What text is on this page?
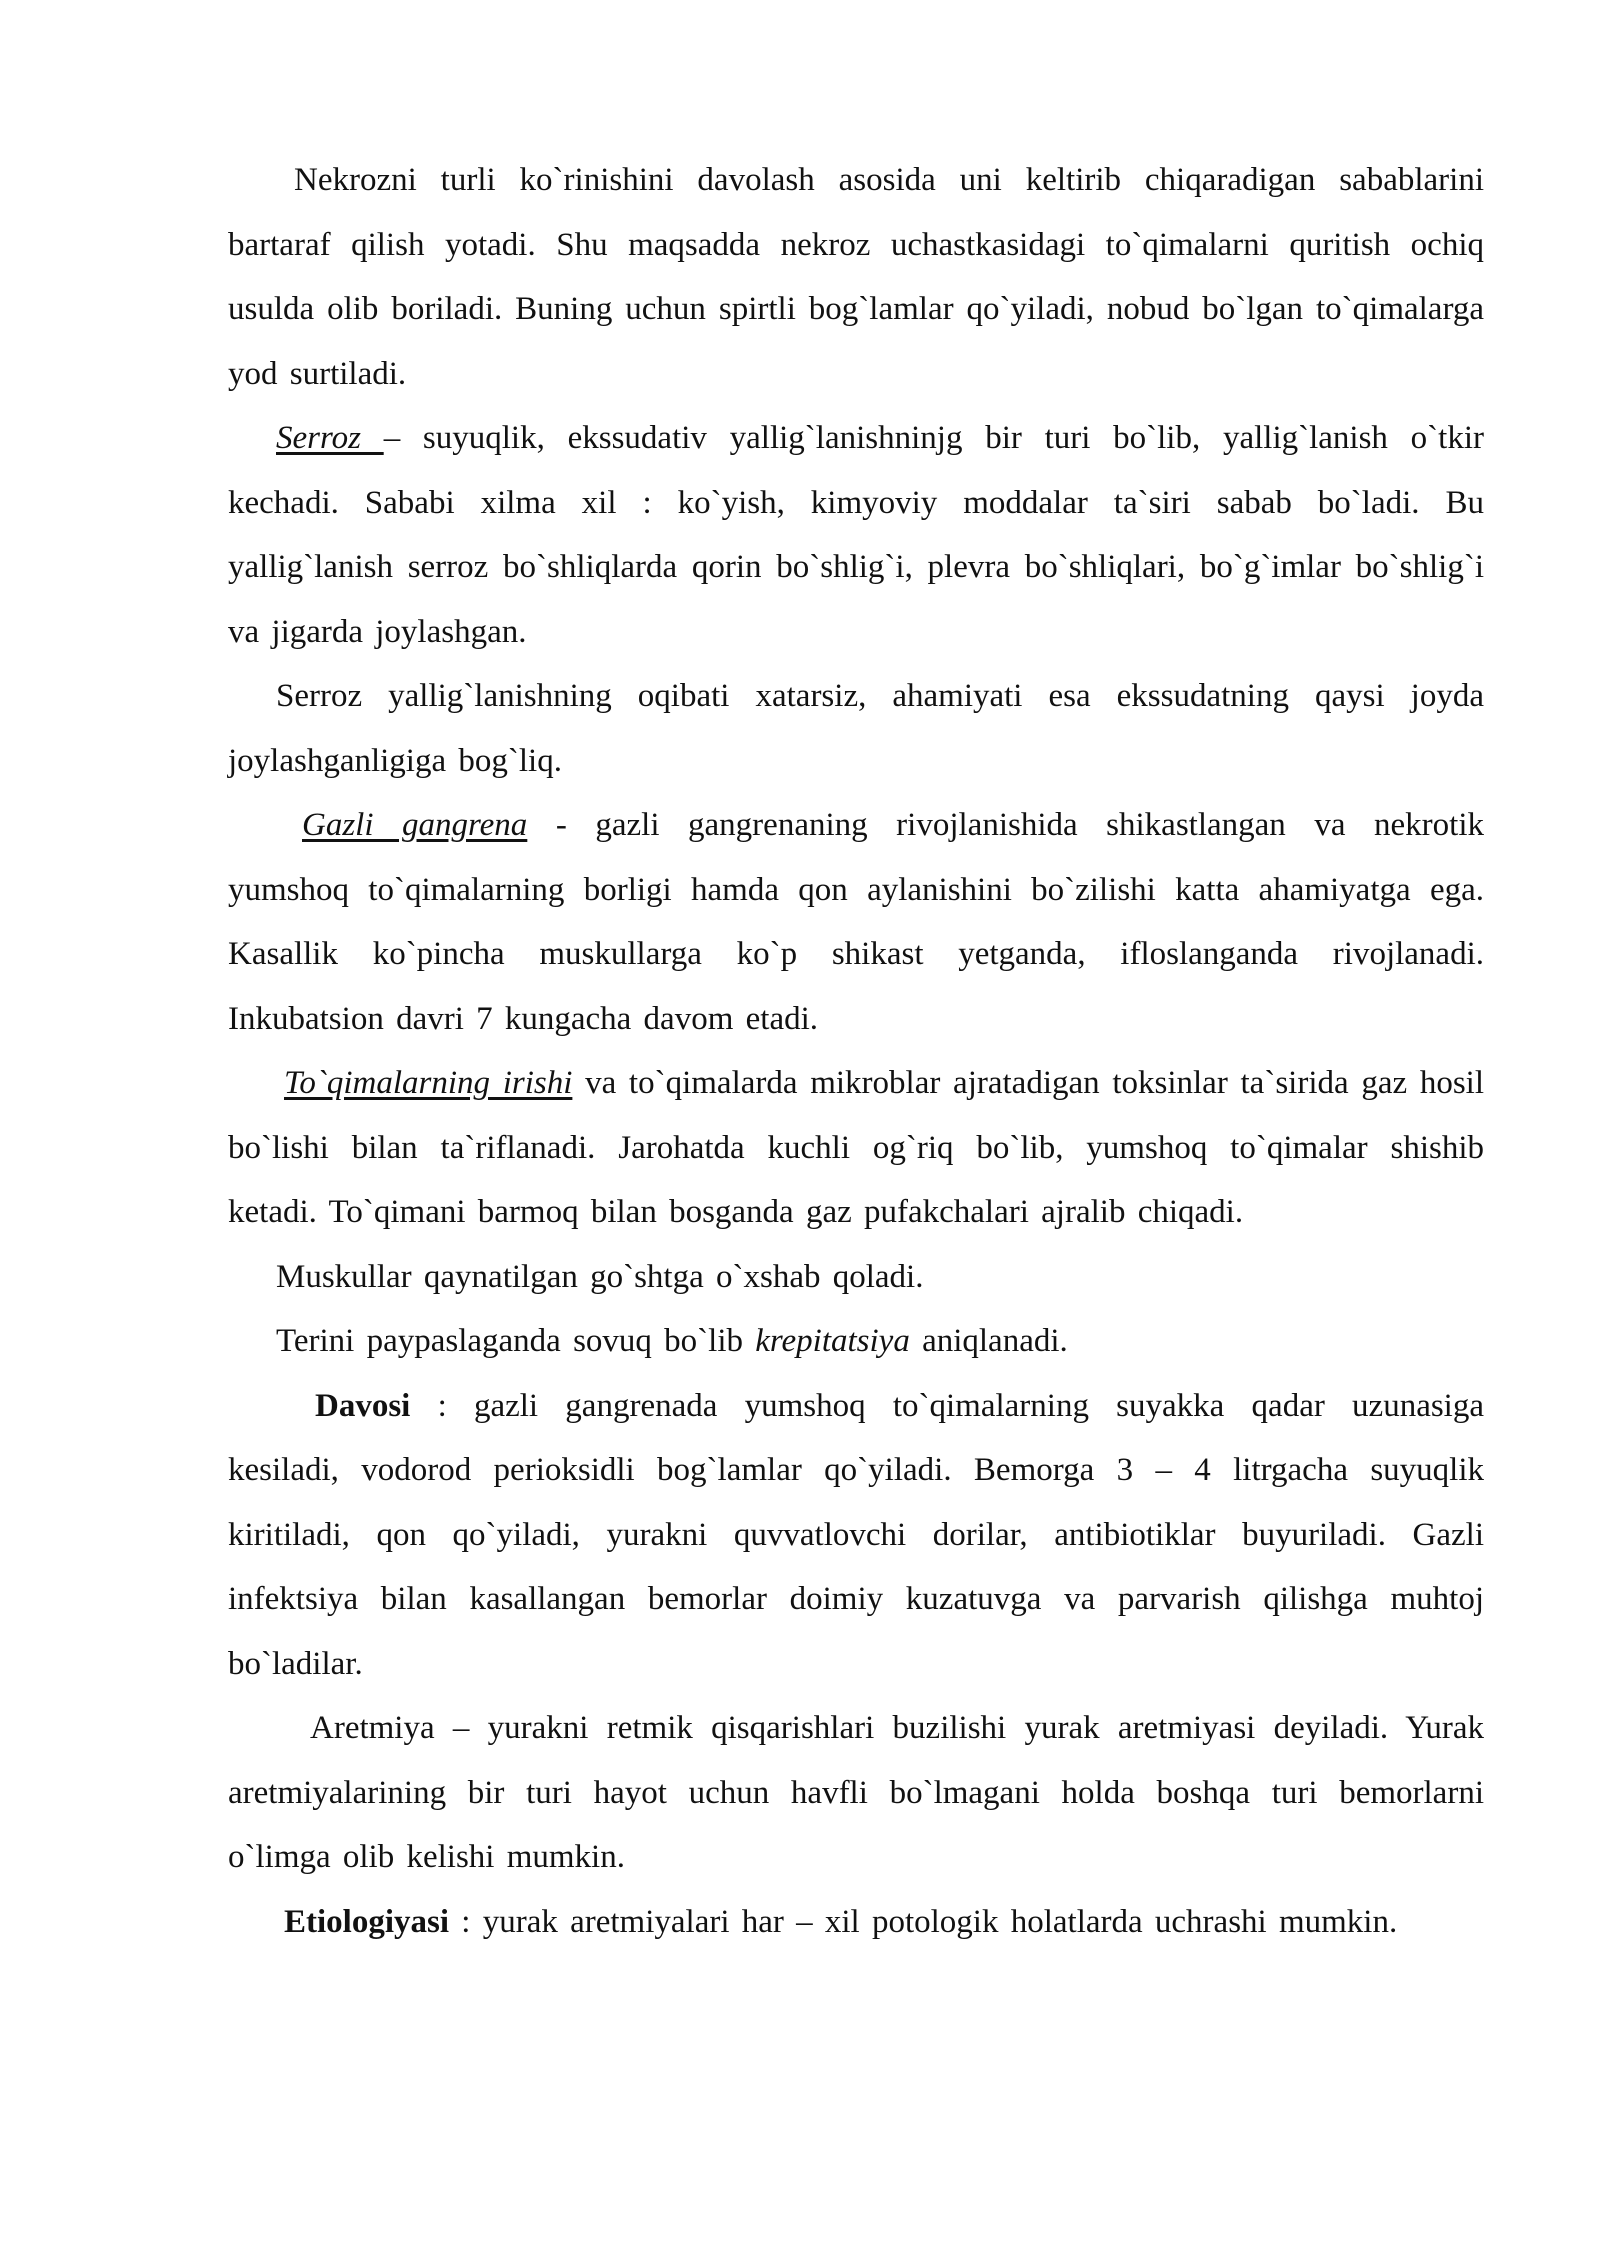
Nekrozni turli ko`rinishini davolash asosida uni keltirib chiqaradigan sabablarini bartaraf qilish yotadi. Shu maqsadda nekroz uchastkasidagi to`qimalarni quritish ochiq usulda olib boriladi. Buning uchun spirtli bog`lamlar qo`yiladi, nobud bo`lgan to`qimalarga yod surtiladi.

Serroz – suyuqlik, ekssudativ yallig`lanishninjg bir turi bo`lib, yallig`lanish o`tkir kechadi. Sababi xilma xil : ko`yish, kimyoviy moddalar ta`siri sabab bo`ladi. Bu yallig`lanish serroz bo`shliqlarda qorin bo`shlig`i, plevra bo`shliqlari, bo`g`imlar bo`shlig`i va jigarda joylashgan.

Serroz yallig`lanishning oqibati xatarsiz, ahamiyati esa ekssudatning qaysi joyda joylashganligiga bog`liq.

Gazli gangrena - gazli gangrenaning rivojlanishida shikastlangan va nekrotik yumshoq to`qimalarning borligi hamda qon aylanishini bo`zilishi katta ahamiyatga ega. Kasallik ko`pincha muskullarga ko`p shikast yetganda, ifloslanganda rivojlanadi. Inkubatsion davri 7 kungacha davom etadi.

To`qimalarning irishi va to`qimalarda mikroblar ajratadigan toksinlar ta`sirida gaz hosil bo`lishi bilan ta`riflanadi. Jarohatda kuchli og`riq bo`lib, yumshoq to`qimalar shishib ketadi. To`qimani barmoq bilan bosganda gaz pufakchalari ajralib chiqadi.

Muskullar qaynatilgan go`shtga o`xshab qoladi.

Terini paypaslaganda sovuq bo`lib krepitatsiya aniqlanadi.

Davosi : gazli gangrenada yumshoq to`qimalarning suyakka qadar uzunasiga kesiladi, vodorod perioksidli bog`lamlar qo`yiladi. Bemorga 3 – 4 litrgacha suyuqlik kiritiladi, qon qo`yiladi, yurakni quvvatlovchi dorilar, antibiotiklar buyuriladi. Gazli infektsiya bilan kasallangan bemorlar doimiy kuzatuvga va parvarish qilishga muhtoj bo`ladilar.

Aretmiya – yurakni retmik qisqarishlari buzilishi yurak aretmiyasi deyiladi. Yurak aretmiyalarining bir turi hayot uchun havfli bo`lmagani holda boshqa turi bemorlarni o`limga olib kelishi mumkin.

Etiologiyasi : yurak aretmiyalari har – xil potologik holatlarda uchrashi mumkin.
